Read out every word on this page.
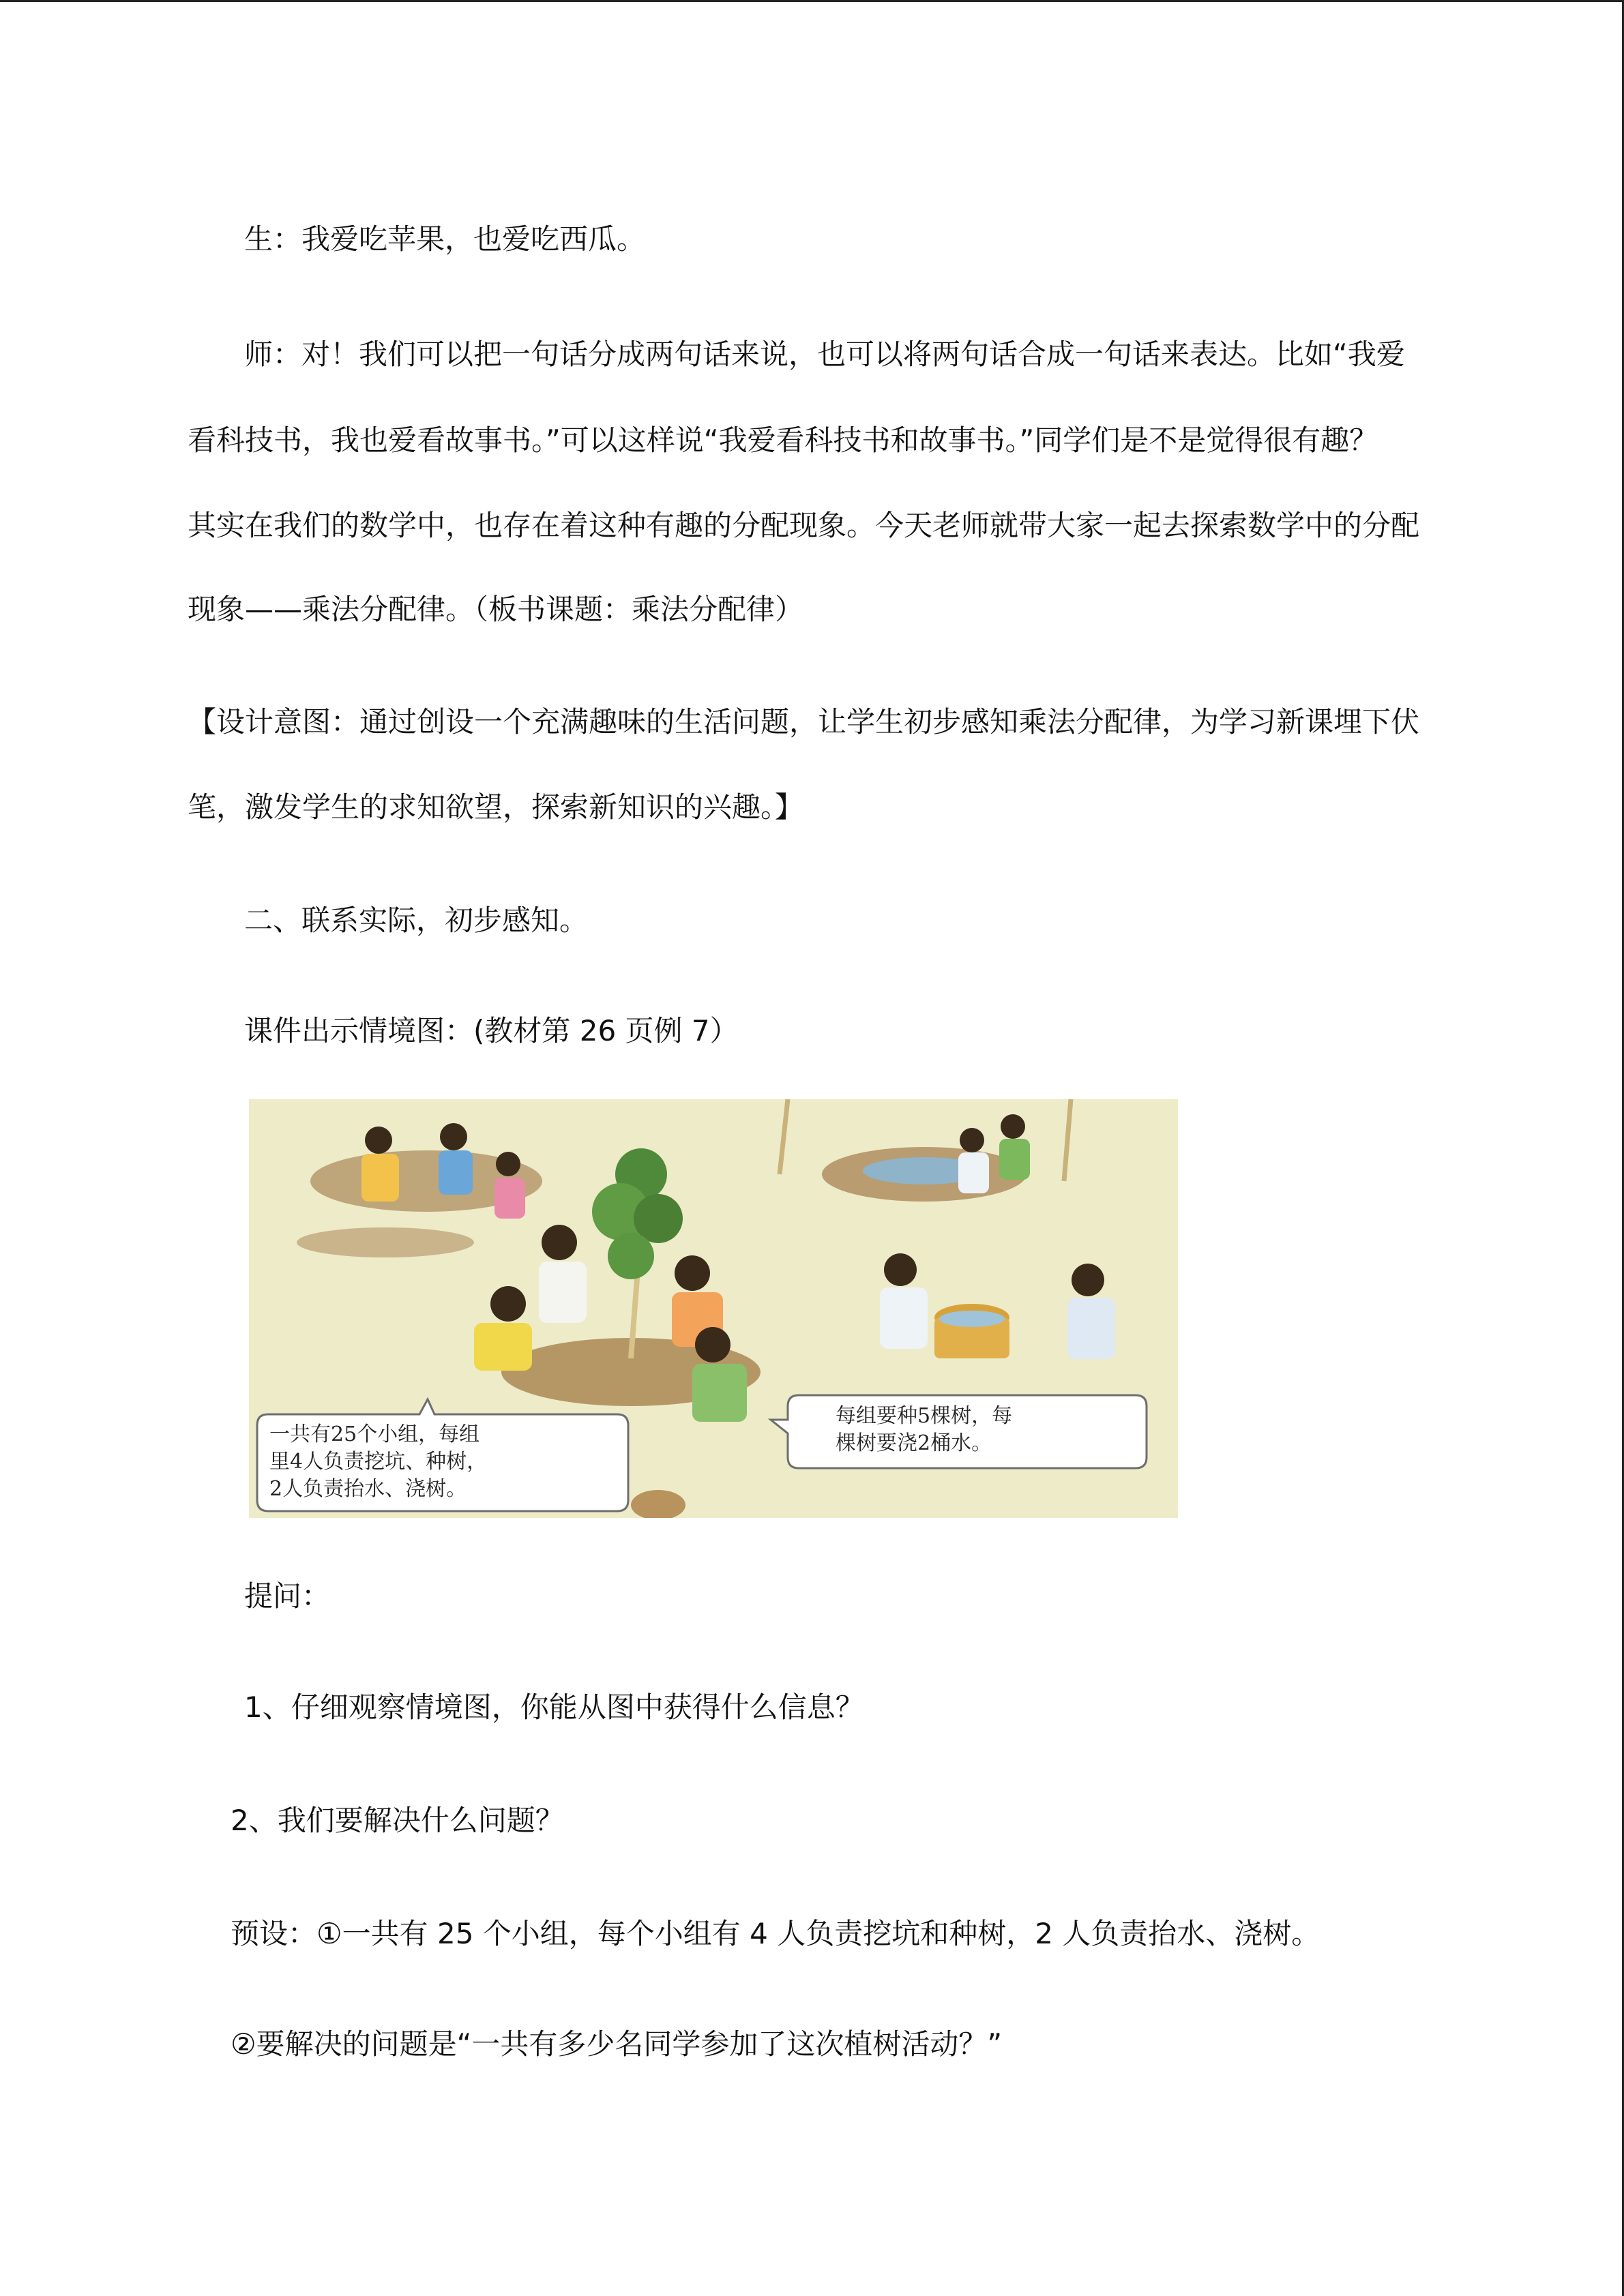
生：我爱吃苹果，也爱吃西瓜。
师：对！我们可以把一句话分成两句话来说，也可以将两句话合成一句话来表达。比如“我爱
看科技书，我也爱看故事书。”可以这样说“我爱看科技书和故事书。”同学们是不是觉得很有趣？
其实在我们的数学中，也存在着这种有趣的分配现象。今天老师就带大家一起去探索数学中的分配
现象——乘法分配律。（板书课题：乘法分配律）
【设计意图：通过创设一个充满趣味的生活问题，让学生初步感知乘法分配律，为学习新课埋下伏
笔，激发学生的求知欲望，探索新知识的兴趣。】
二、联系实际，初步感知。
课件出示情境图：(教材第 26 页例 7）
一共有25个小组，每组
里4人负责挖坑、种树，
2人负责抬水、浇树。
每组要种5棵树，每
棵树要浇2桶水。
提问：
1、仔细观察情境图，你能从图中获得什么信息？
2、我们要解决什么问题？
预设：①一共有 25 个小组，每个小组有 4 人负责挖坑和种树，2 人负责抬水、浇树。
②要解决的问题是“一共有多少名同学参加了这次植树活动？”
